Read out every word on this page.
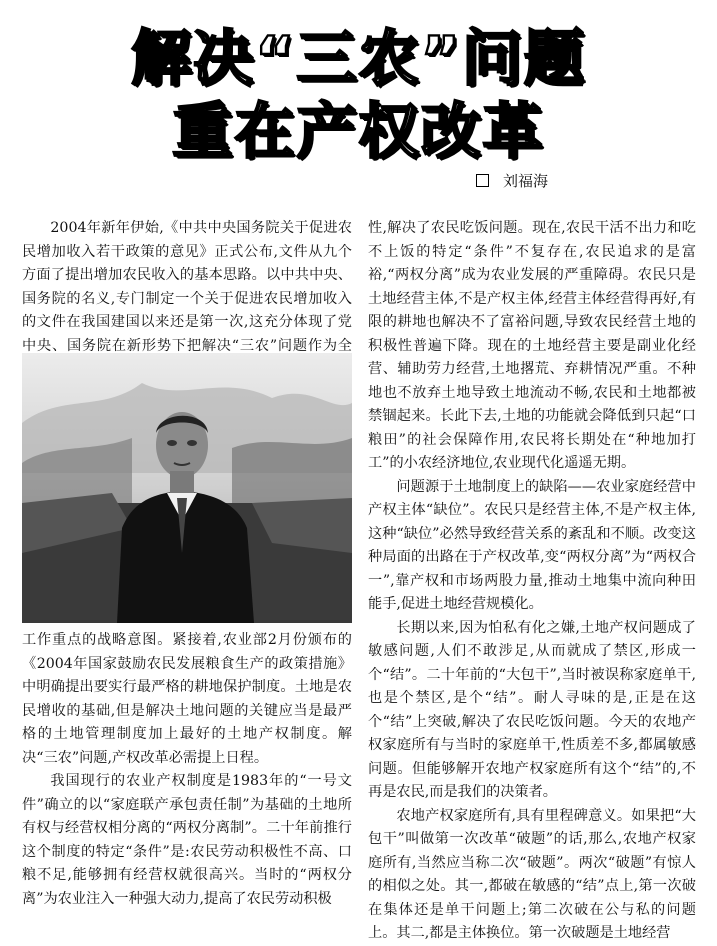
解决“三农”问题
重在产权改革
刘福海

2004年新年伊始,《中共中央国务院关于促进农民增加收入若干政策的意见》正式公布,文件从九个方面了提出增加农民收入的基本思路。以中共中央、国务院的名义,专门制定一个关于促进农民增加收入的文件在我国建国以来还是第一次,这充分体现了党中央、国务院在新形势下把解决“三农”问题作为全

工作重点的战略意图。紧接着,农业部2月份颁布的《2004年国家鼓励农民发展粮食生产的政策措施》中明确提出要实行最严格的耕地保护制度。土地是农民增收的基础,但是解决土地问题的关键应当是最严格的土地管理制度加上最好的土地产权制度。解决“三农”问题,产权改革必需提上日程。

我国现行的农业产权制度是1983年的“一号文件”确立的以“家庭联产承包责任制”为基础的土地所有权与经营权相分离的“两权分离制”。二十年前推行这个制度的特定“条件”是:农民劳动积极性不高、口粮不足,能够拥有经营权就很高兴。当时的“两权分离”为农业注入一种强大动力,提高了农民劳动积极

性,解决了农民吃饭问题。现在,农民干活不出力和吃不上饭的特定“条件”不复存在,农民追求的是富裕,“两权分离”成为农业发展的严重障碍。农民只是土地经营主体,不是产权主体,经营主体经营得再好,有限的耕地也解决不了富裕问题,导致农民经营土地的积极性普遍下降。现在的土地经营主要是副业化经营、辅助劳力经营,土地撂荒、弃耕情况严重。不种地也不放弃土地导致土地流动不畅,农民和土地都被禁锢起来。长此下去,土地的功能就会降低到只起“口粮田”的社会保障作用,农民将长期处在“种地加打工”的小农经济地位,农业现代化遥遥无期。

问题源于土地制度上的缺陷——农业家庭经营中产权主体“缺位”。农民只是经营主体,不是产权主体,这种“缺位”必然导致经营关系的紊乱和不顺。改变这种局面的出路在于产权改革,变“两权分离”为“两权合一”,靠产权和市场两股力量,推动土地集中流向种田能手,促进土地经营规模化。

长期以来,因为怕私有化之嫌,土地产权问题成了敏感问题,人们不敢涉足,从而就成了禁区,形成一个“结”。二十年前的“大包干”,当时被误称家庭单干,也是个禁区,是个“结”。耐人寻味的是,正是在这个“结”上突破,解决了农民吃饭问题。今天的农地产权家庭所有与当时的家庭单干,性质差不多,都属敏感问题。但能够解开农地产权家庭所有这个“结”的,不再是农民,而是我们的决策者。

农地产权家庭所有,具有里程碑意义。如果把“大包干”叫做第一次改革“破题”的话,那么,农地产权家庭所有,当然应当称二次“破题”。两次“破题”有惊人的相似之处。其一,都破在敏感的“结”点上,第一次破在集体还是单干问题上;第二次破在公与私的问题上。其二,都是主体换位。第一次破题是土地经营
